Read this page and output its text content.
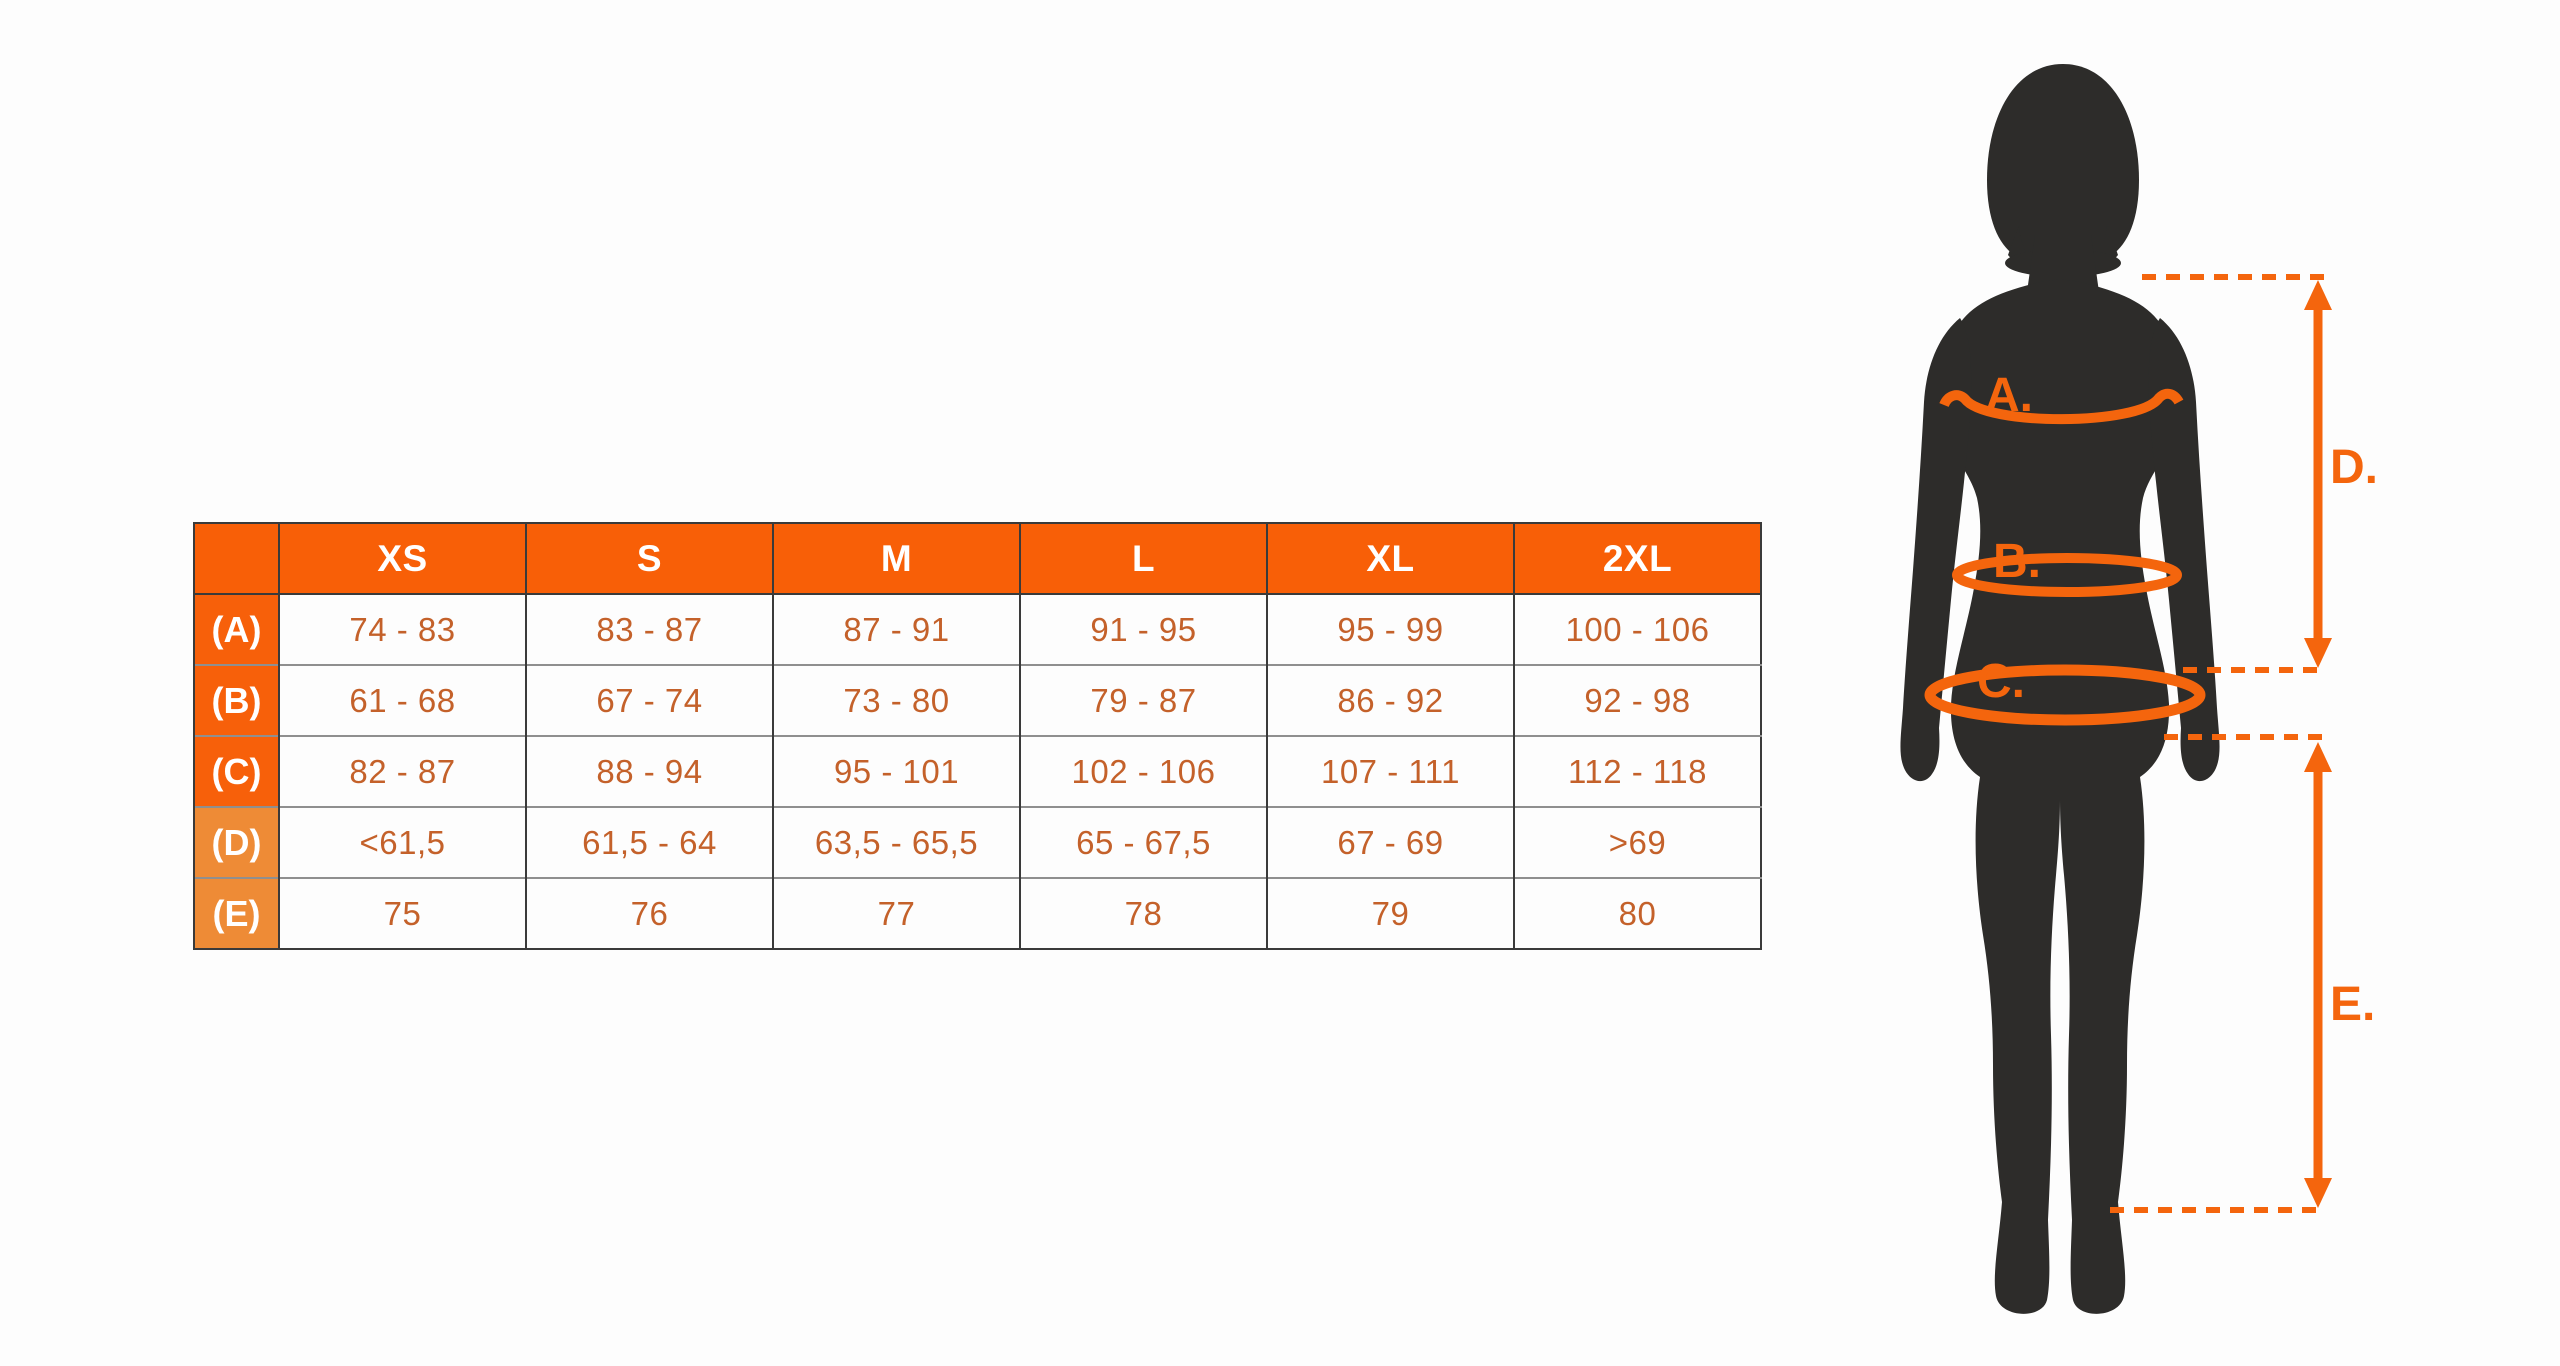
	XS	S	M	L	XL	2XL
(A)	74 - 83	83 - 87	87 - 91	91 - 95	95 - 99	100 - 106
(B)	61 - 68	67 - 74	73 - 80	79 - 87	86 - 92	92 - 98
(C)	82 - 87	88 - 94	95 - 101	102 - 106	107 - 111	112 - 118
(D)	<61,5	61,5 - 64	63,5 - 65,5	65 - 67,5	67 - 69	>69
(E)	75	76	77	78	79	80
A.
B.
C.
D.
E.
